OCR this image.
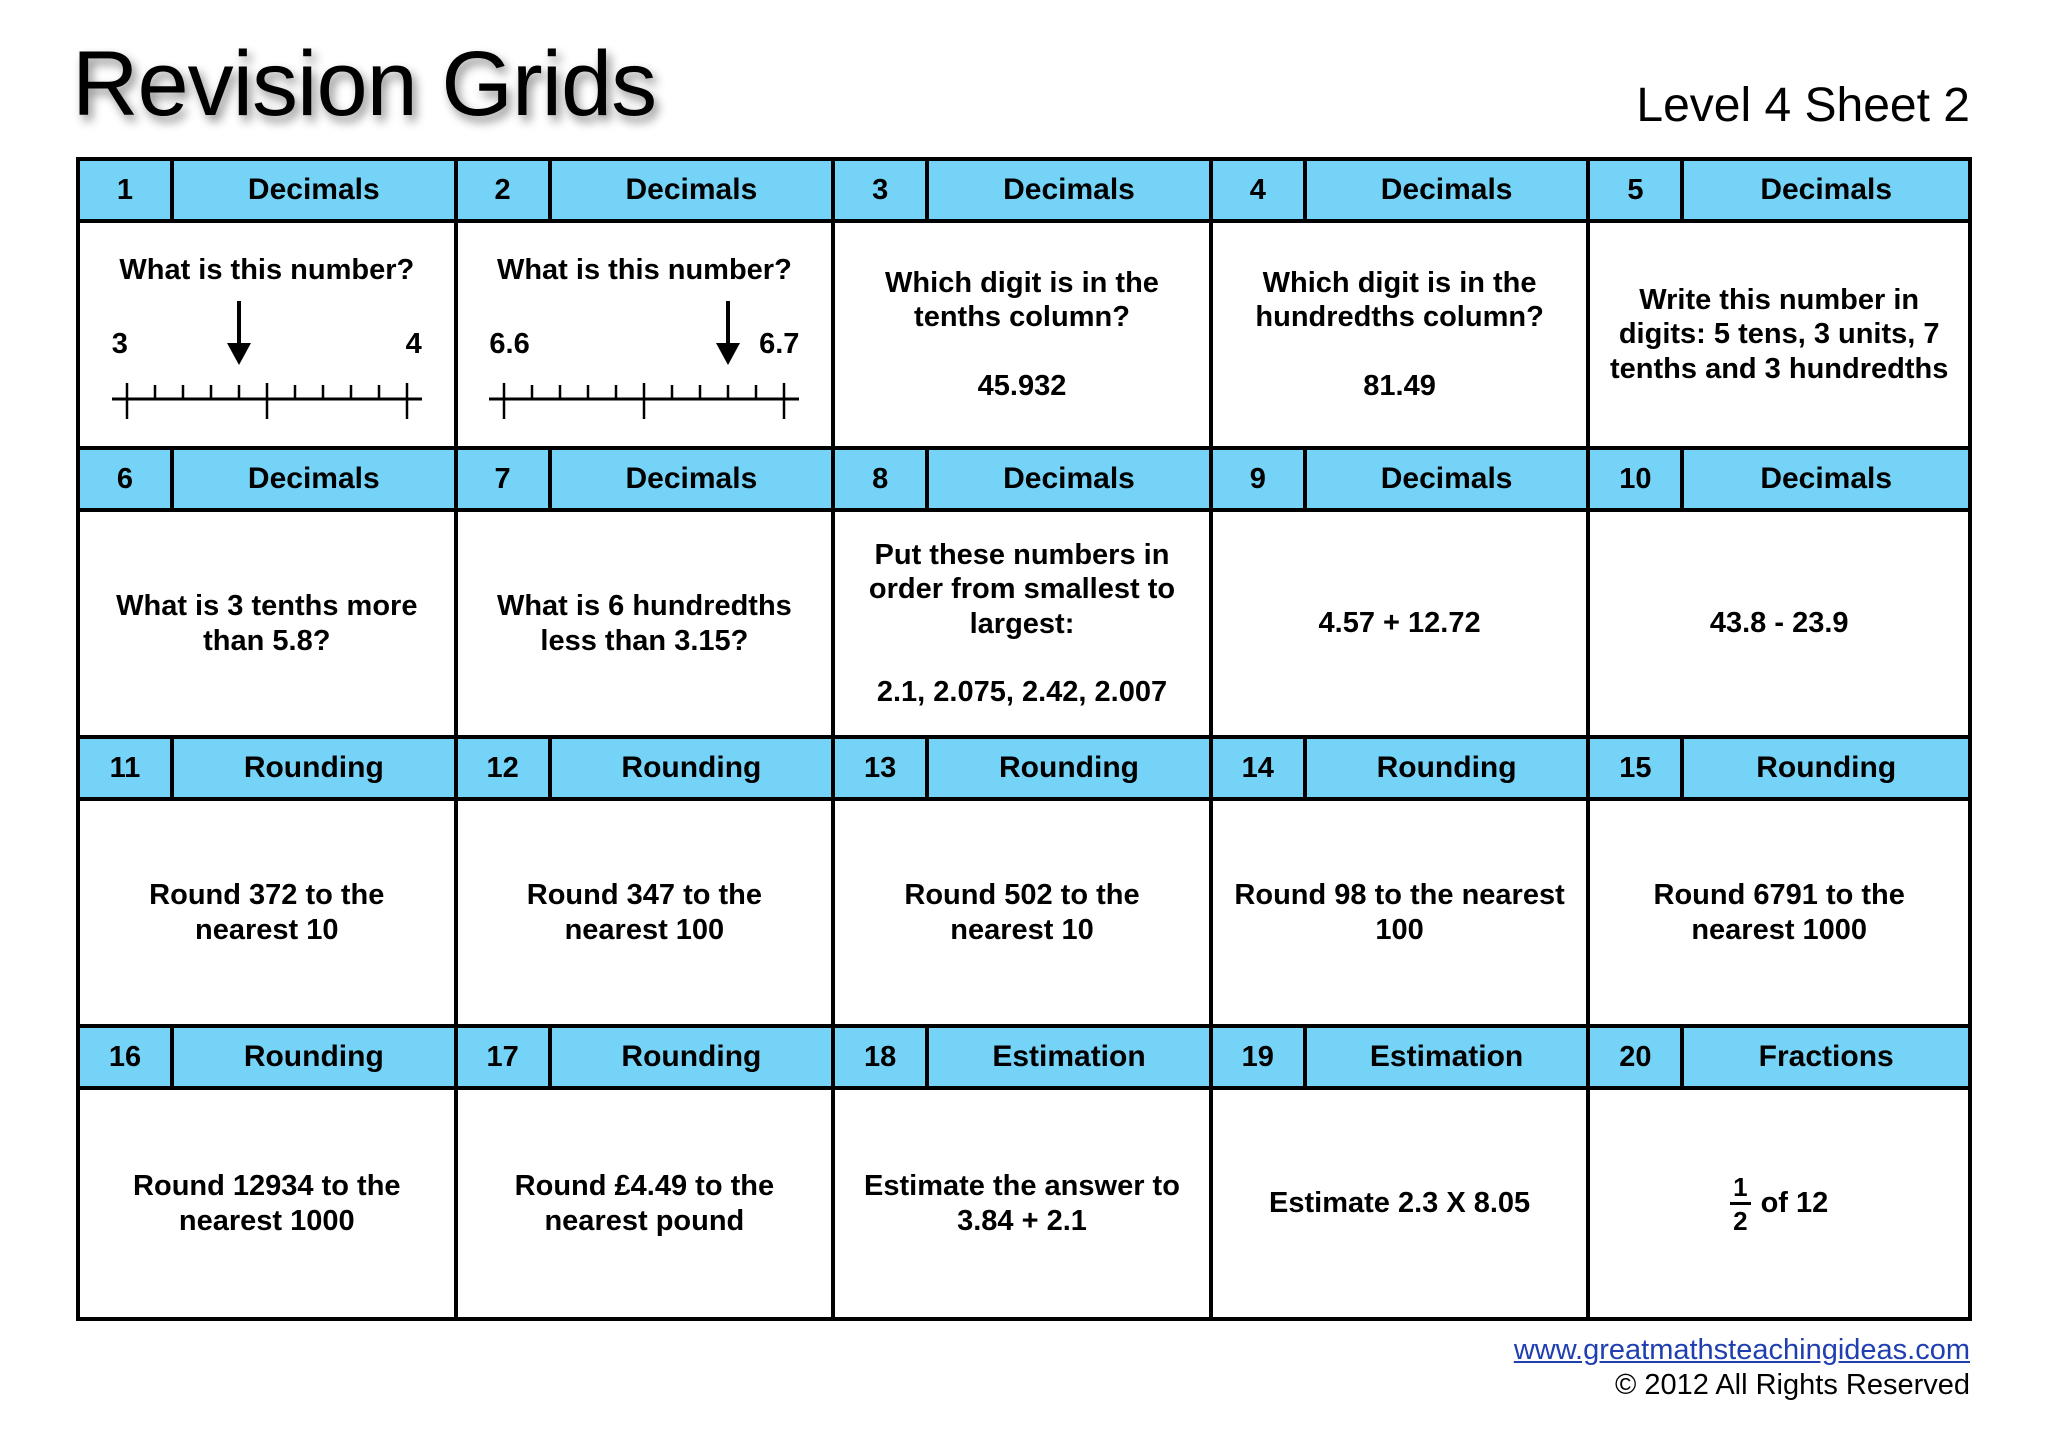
Revision Grids	Level 4 Sheet 2
1	Decimals
What is this number?
3	4
2	Decimals
What is this number?
6.6	6.7
3	Decimals
Which digit is in the
tenths column?
45.932
4	Decimals
Which digit is in the
hundredths column?
81.49
5	Decimals
Write this number in
digits: 5 tens, 3 units, 7
tenths and 3 hundredths
6	Decimals
What is 3 tenths more
than 5.8?
7	Decimals
What is 6 hundredths
less than 3.15?
8	Decimals
Put these numbers in
order from smallest to
largest:
2.1, 2.075, 2.42, 2.007
9	Decimals
4.57 + 12.72
10	Decimals
43.8 - 23.9
11	Rounding
Round 372 to the
nearest 10
12	Rounding
Round 347 to the
nearest 100
13	Rounding
Round 502 to the
nearest 10
14	Rounding
Round 98 to the nearest
100
15	Rounding
Round 6791 to the
nearest 1000
16	Rounding
Round 12934 to the
nearest 1000
17	Rounding
Round £4.49 to the
nearest pound
18	Estimation
Estimate the answer to
3.84 + 2.1
19	Estimation
Estimate 2.3 X 8.05
20	Fractions
$\frac{1}{2}$ of 12
www.greatmathsteachingideas.com
© 2012 All Rights Reserved
